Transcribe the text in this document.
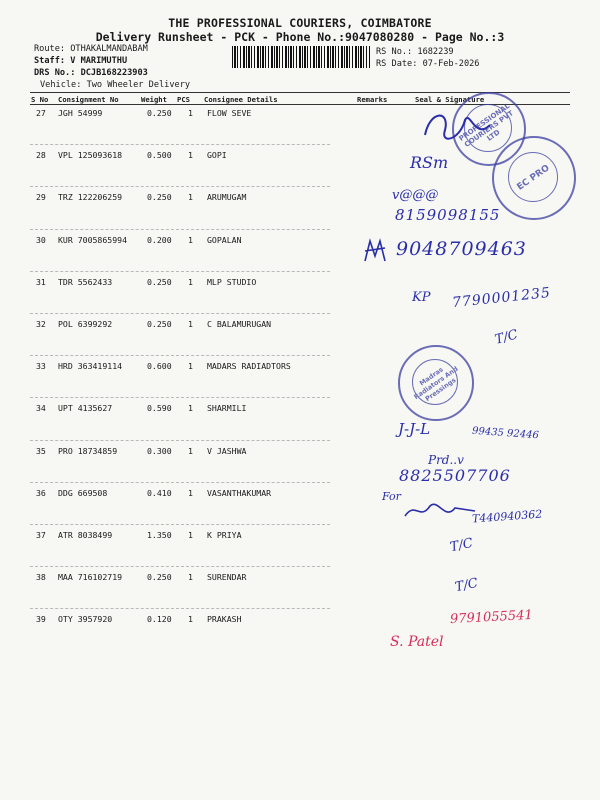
THE PROFESSIONAL COURIERS, COIMBATORE
Delivery Runsheet - PCK - Phone No.:9047080280 - Page No.:3
Route: OTHAKALMANDABAM
Staff: V MARIMUTHU
DRS No.: DCJB168223903
Vehicle: Two Wheeler Delivery
RS No.: 1682239
RS Date: 07-Feb-2026
S No Consignment No	Weight PCS Consignee Details	Remarks	Seal & Signature
27 JGH 54999	0.250 1 FLOW SEVE
28 VPL 125093618	0.500 1 GOPI
29 TRZ 122206259	0.250 1 ARUMUGAM
30 KUR 7005865994 0.200 1 GOPALAN
31 TDR 5562433	0.250 1 MLP STUDIO
32 POL 6399292	0.250 1 C BALAMURUGAN
33 HRD 363419114	0.600 1 MADARS RADIADTORS
34 UPT 4135627	0.590 1 SHARMILI
35 PRO 18734859	0.300 1 V JASHWA
36 DDG 669508	0.410 1 VASANTHAKUMAR
37 ATR 8038499	1.350 1 K PRIYA
38 MAA 716102719	0.250 1 SURENDAR
39 OTY 3957920	0.120 1 PRAKASH
PROFESSIONAL COURIERS PVT LTD
EC PRO
Madras Radiators And Pressings
RSm
v@@@
8159098155
9048709463
KP 7790001235
T/C
J-J-L	99435 92446
Prd..v
8825507706
For
T440940362
T/C
T/C
9791055541
S. Patel
